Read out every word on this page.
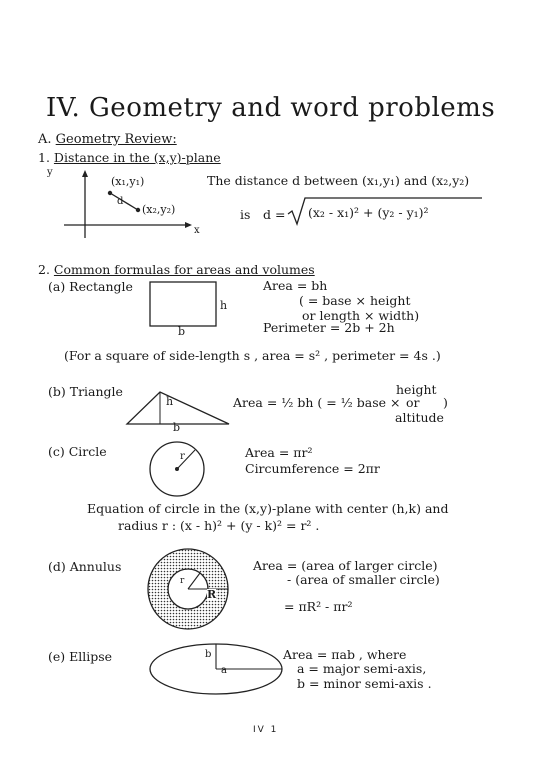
IV. Geometry and word problems
A. Geometry Review:
1. Distance in the (x,y)-plane
y
x
d
(x₁,y₁)
(x₂,y₂)
The distance d between (x₁,y₁) and (x₂,y₂)
is d = (x₂ - x₁)² + (y₂ - y₁)²
2. Common formulas for areas and volumes
(a) Rectangle
h
b
Area = bh
( = base × height
or length × width)
Perimeter = 2b + 2h
(For a square of side-length s , area = s² , perimeter = 4s .)
(b) Triangle
h
b
Area = ½ bh ( = ½ base ×
height
or
altitude
)
(c) Circle	r	Area = πr²
Circumference = 2πr
Equation of circle in the (x,y)-plane with center (h,k) and
radius r : (x - h)² + (y - k)² = r² .
(d) Annulus
r
R
Area = (area of larger circle)
- (area of smaller circle)
= πR² - πr²
(e) Ellipse	b
a
Area = πab , where
a = major semi-axis,
b = minor semi-axis .
IV 1
